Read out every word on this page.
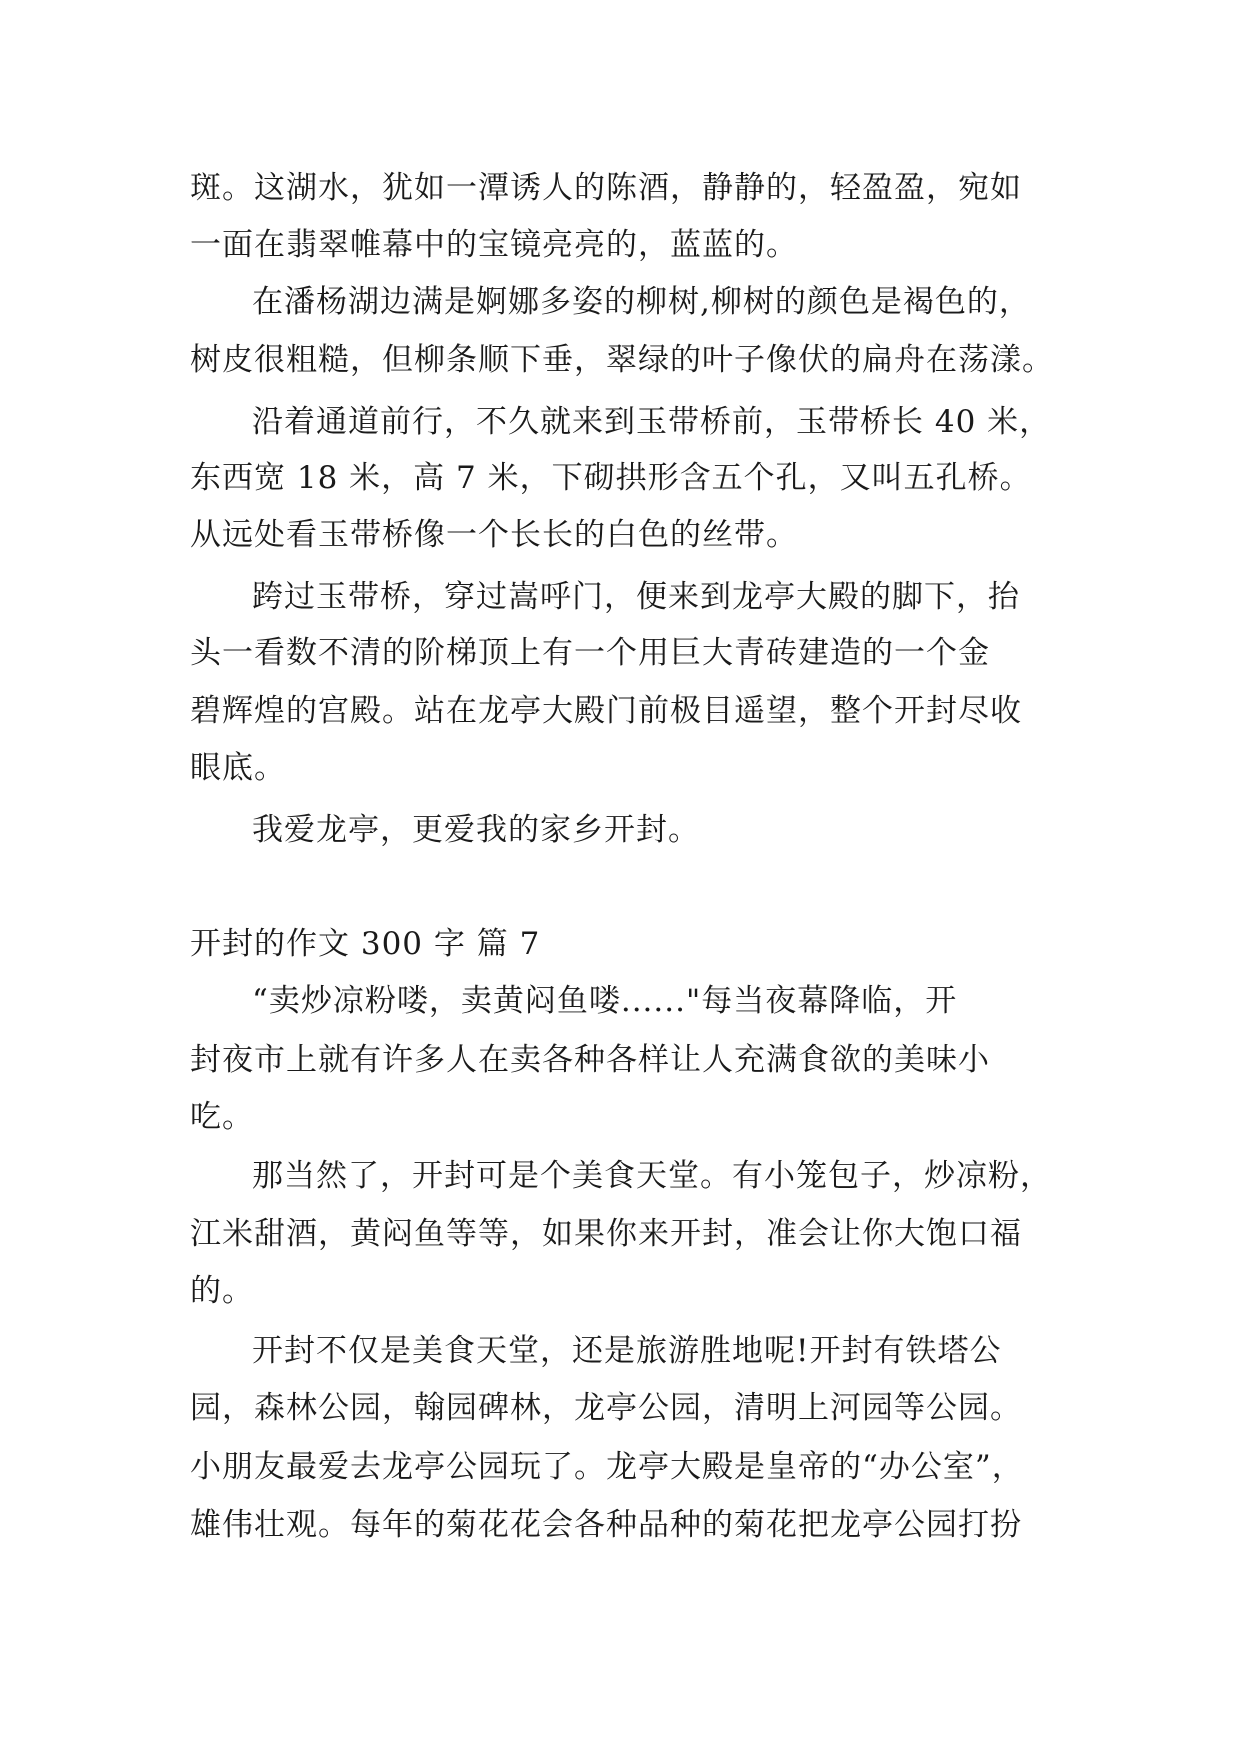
斑。这湖水，犹如一潭诱人的陈酒，静静的，轻盈盈，宛如
一面在翡翠帷幕中的宝镜亮亮的，蓝蓝的。
在潘杨湖边满是婀娜多姿的柳树,柳树的颜色是褐色的，
树皮很粗糙，但柳条顺下垂，翠绿的叶子像伏的扁舟在荡漾。
沿着通道前行，不久就来到玉带桥前，玉带桥长 40 米，
东西宽 18 米，高 7 米，下砌拱形含五个孔，又叫五孔桥。
从远处看玉带桥像一个长长的白色的丝带。
跨过玉带桥，穿过嵩呼门，便来到龙亭大殿的脚下，抬
头一看数不清的阶梯顶上有一个用巨大青砖建造的一个金
碧辉煌的宫殿。站在龙亭大殿门前极目遥望，整个开封尽收
眼底。
我爱龙亭，更爱我的家乡开封。
开封的作文 300 字 篇 7
“卖炒凉粉喽，卖黄闷鱼喽......"每当夜幕降临，开
封夜市上就有许多人在卖各种各样让人充满食欲的美味小
吃。
那当然了，开封可是个美食天堂。有小笼包子，炒凉粉，
江米甜酒，黄闷鱼等等，如果你来开封，准会让你大饱口福
的。
开封不仅是美食天堂，还是旅游胜地呢!开封有铁塔公
园，森林公园，翰园碑林，龙亭公园，清明上河园等公园。
小朋友最爱去龙亭公园玩了。龙亭大殿是皇帝的“办公室”，
雄伟壮观。每年的菊花花会各种品种的菊花把龙亭公园打扮
